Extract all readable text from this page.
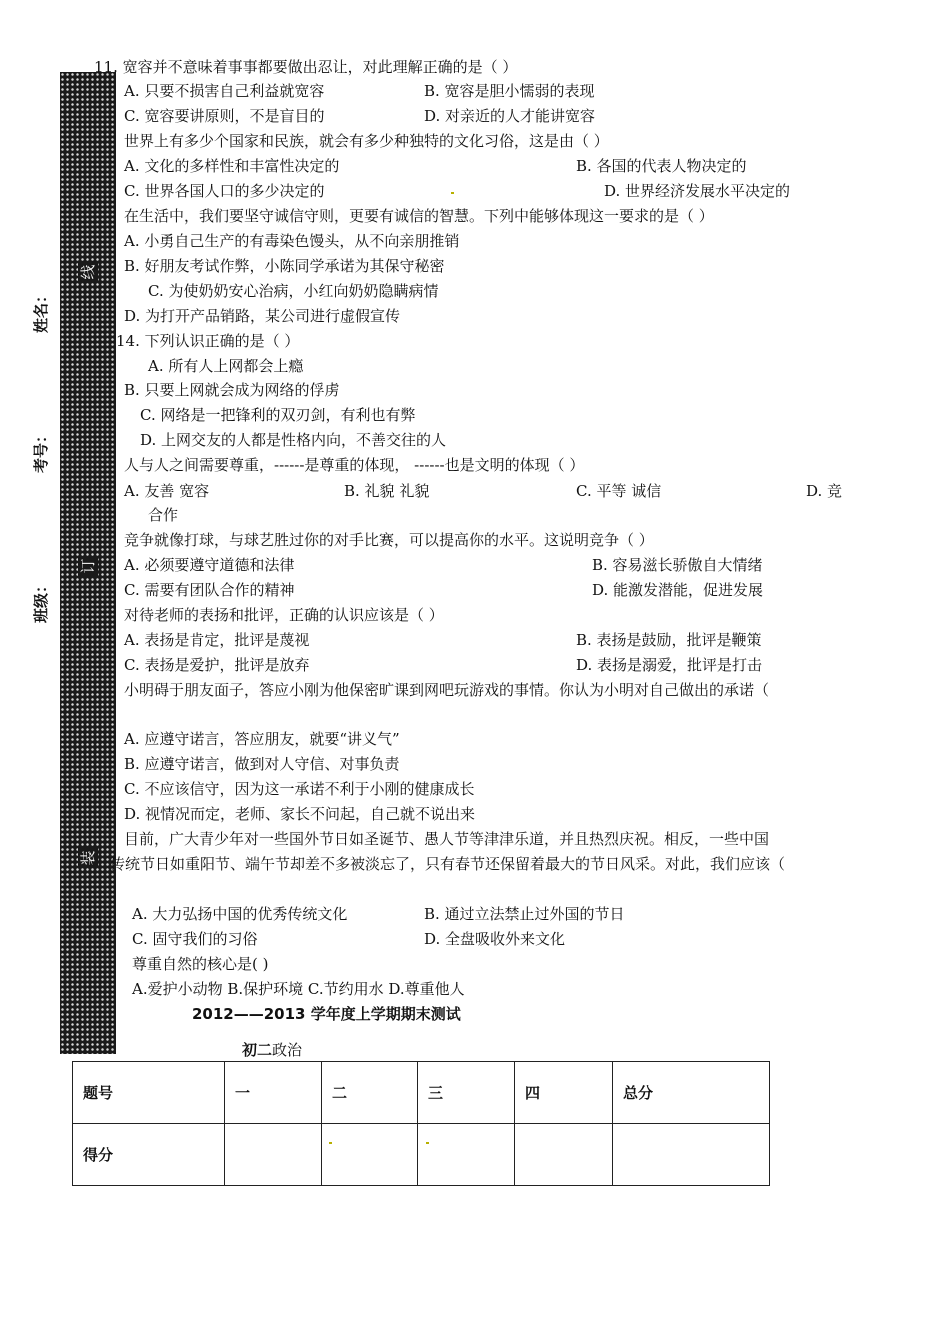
线
订
装
姓名：
考号：
班级：
11. 宽容并不意味着事事都要做出忍让，对此理解正确的是（ ）
A. 只要不损害自己利益就宽容	B. 宽容是胆小懦弱的表现
C. 宽容要讲原则，不是盲目的	D. 对亲近的人才能讲宽容
世界上有多少个国家和民族，就会有多少种独特的文化习俗，这是由（ ）
A. 文化的多样性和丰富性决定的	B. 各国的代表人物决定的
C. 世界各国人口的多少决定的	D. 世界经济发展水平决定的
在生活中，我们要坚守诚信守则，更要有诚信的智慧。下列中能够体现这一要求的是（ ）
A. 小勇自己生产的有毒染色馒头，从不向亲朋推销
B. 好朋友考试作弊，小陈同学承诺为其保守秘密
C. 为使奶奶安心治病，小红向奶奶隐瞒病情
D. 为打开产品销路，某公司进行虚假宣传
14. 下列认识正确的是（ ）
A. 所有人上网都会上瘾
B. 只要上网就会成为网络的俘虏
C. 网络是一把锋利的双刃剑，有利也有弊
D. 上网交友的人都是性格内向，不善交往的人
人与人之间需要尊重，------是尊重的体现， ------也是文明的体现（ ）
A. 友善 宽容	B. 礼貌 礼貌	C. 平等 诚信	D. 竞
合作
竞争就像打球，与球艺胜过你的对手比赛，可以提高你的水平。这说明竞争（ ）
A. 必须要遵守道德和法律	B. 容易滋长骄傲自大情绪
C. 需要有团队合作的精神	D. 能激发潜能，促进发展
对待老师的表扬和批评，正确的认识应该是（ ）
A. 表扬是肯定，批评是蔑视	B. 表扬是鼓励，批评是鞭策
C. 表扬是爱护，批评是放弃	D. 表扬是溺爱，批评是打击
小明碍于朋友面子，答应小刚为他保密旷课到网吧玩游戏的事情。你认为小明对自己做出的承诺（
A. 应遵守诺言，答应朋友，就要“讲义气”
B. 应遵守诺言，做到对人守信、对事负责
C. 不应该信守，因为这一承诺不利于小刚的健康成长
D. 视情况而定，老师、家长不问起，自己就不说出来
目前，广大青少年对一些国外节日如圣诞节、愚人节等津津乐道，并且热烈庆祝。相反，一些中国
传统节日如重阳节、端午节却差不多被淡忘了，只有春节还保留着最大的节日风采。对此，我们应该（
A. 大力弘扬中国的优秀传统文化	B. 通过立法禁止过外国的节日
C. 固守我们的习俗	D. 全盘吸收外来文化
尊重自然的核心是( )
A.爱护小动物 B.保护环境 C.节约用水 D.尊重他人
2012——2013 学年度上学期期末测试
初二政治
题号	一	二	三	四	总分
得分					
